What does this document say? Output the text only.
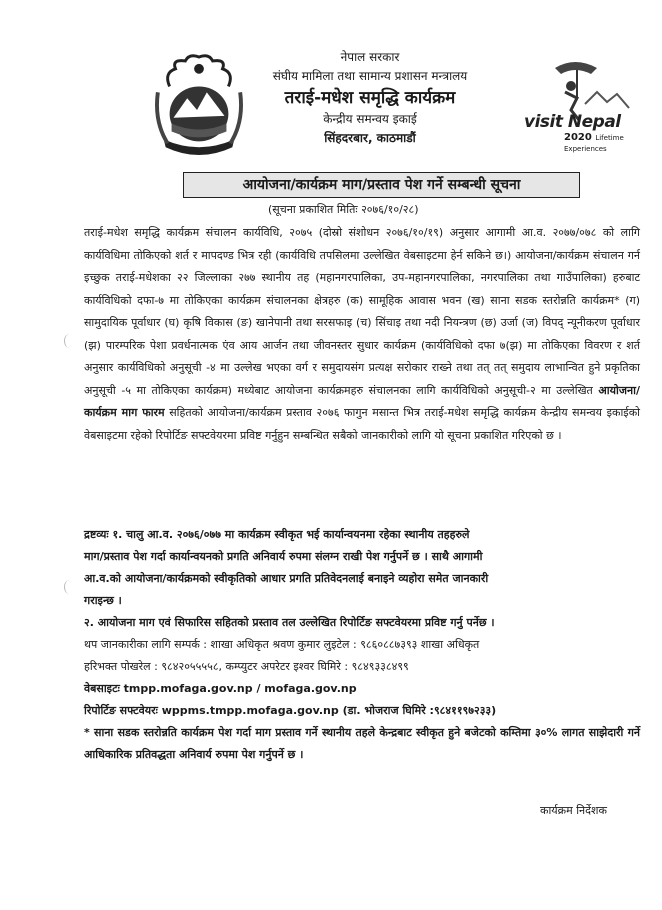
नेपाल सरकार
संघीय मामिला तथा सामान्य प्रशासन मन्त्रालय
तराई-मधेश समृद्धि कार्यक्रम
केन्द्रीय समन्वय इकाई
सिंहदरबार, काठमाडौं
visit Nepal
2020 Lifetime Experiences
आयोजना/कार्यक्रम माग/प्रस्ताव पेश गर्ने सम्बन्धी सूचना
(सूचना प्रकाशित मितिः २०७६/१०/२८)
तराई-मधेश समृद्धि कार्यक्रम संचालन कार्यविधि, २०७५ (दोस्रो संशोधन २०७६/१०/१९) अनुसार आगामी आ.व. २०७७/०७८ को लागि कार्यविधिमा तोकिएको शर्त र मापदण्ड भित्र रही (कार्यविधि तपसिलमा उल्लेखित वेबसाइटमा हेर्न सकिने छ।) आयोजना/कार्यक्रम संचालन गर्न इच्छुक तराई-मधेशका २२ जिल्लाका २७७ स्थानीय तह (महानगरपालिका, उप-महानगरपालिका, नगरपालिका तथा गाउँपालिका) हरुबाट कार्यविधिको दफा-७ मा तोकिएका कार्यक्रम संचालनका क्षेत्रहरु (क) सामूहिक आवास भवन (ख) साना सडक स्तरोन्नति कार्यक्रम* (ग) सामुदायिक पूर्वाधार (घ) कृषि विकास (ङ) खानेपानी तथा सरसफाइ (च) सिंचाइ तथा नदी नियन्त्रण (छ) उर्जा (ज) विपद् न्यूनीकरण पूर्वाधार (झ) पारम्परिक पेशा प्रवर्धनात्मक एंव आय आर्जन तथा जीवनस्तर सुधार कार्यक्रम (कार्यविधिको दफा ७(झ) मा तोकिएका विवरण र शर्त अनुसार कार्यविधिको अनुसूची -४ मा उल्लेख भएका वर्ग र समुदायसंग प्रत्यक्ष सरोकार राख्ने तथा तत् तत् समुदाय लाभान्वित हुने प्रकृतिका अनुसूची -५ मा तोकिएका कार्यक्रम) मध्येबाट आयोजना कार्यक्रमहरु संचालनका लागि कार्यविधिको अनुसूची-२ मा उल्लेखित आयोजना/कार्यक्रम माग फारम सहितको आयोजना/कार्यक्रम प्रस्ताव २०७६ फागुन मसान्त भित्र तराई-मधेश समृद्धि कार्यक्रम केन्द्रीय समन्वय इकाईको वेबसाइटमा रहेको रिपोर्टिङ सफ्टवेयरमा प्रविष्ट गर्नुहुन सम्बन्धित सबैको जानकारीको लागि यो सूचना प्रकाशित गरिएको छ ।
द्रष्टव्यः १. चालु आ.व. २०७६/०७७ मा कार्यक्रम स्वीकृत भई कार्यान्वयनमा रहेका स्थानीय तहहरुले
माग/प्रस्ताव पेश गर्दा कार्यान्वयनको प्रगति अनिवार्य रुपमा संलग्न राखी पेश गर्नुपर्ने छ । साथै आगामी
आ.व.को आयोजना/कार्यक्रमको स्वीकृतिको आधार प्रगति प्रतिवेदनलाई बनाइने व्यहोरा समेत जानकारी
गराइन्छ ।
२. आयोजना माग एवं सिफारिस सहितको प्रस्ताव तल उल्लेखित रिपोर्टिङ सफ्टवेयरमा प्रविष्ट गर्नु पर्नेछ ।
थप जानकारीका लागि सम्पर्क : शाखा अधिकृत श्रवण कुमार लुइटेल : ९८६०८८७३९३ शाखा अधिकृत
हरिभक्त पोखरेल : ९८४२०५५५५८, कम्प्युटर अपरेटर इश्वर घिमिरे : ९८४९३३८४९९
वेबसाइटः tmpp.mofaga.gov.np / mofaga.gov.np
रिपोर्टिङ सफ्टवेयरः wppms.tmpp.mofaga.gov.np (डा. भोजराज घिमिरे :९८४११९७२३३)
* साना सडक स्तरोन्नति कार्यक्रम पेश गर्दा माग प्रस्ताव गर्ने स्थानीय तहले केन्द्रबाट स्वीकृत हुने बजेटको कम्तिमा ३०% लागत साझेदारी गर्ने आधिकारिक प्रतिवद्धता अनिवार्य रुपमा पेश गर्नुपर्ने छ ।
कार्यक्रम निर्देशक
